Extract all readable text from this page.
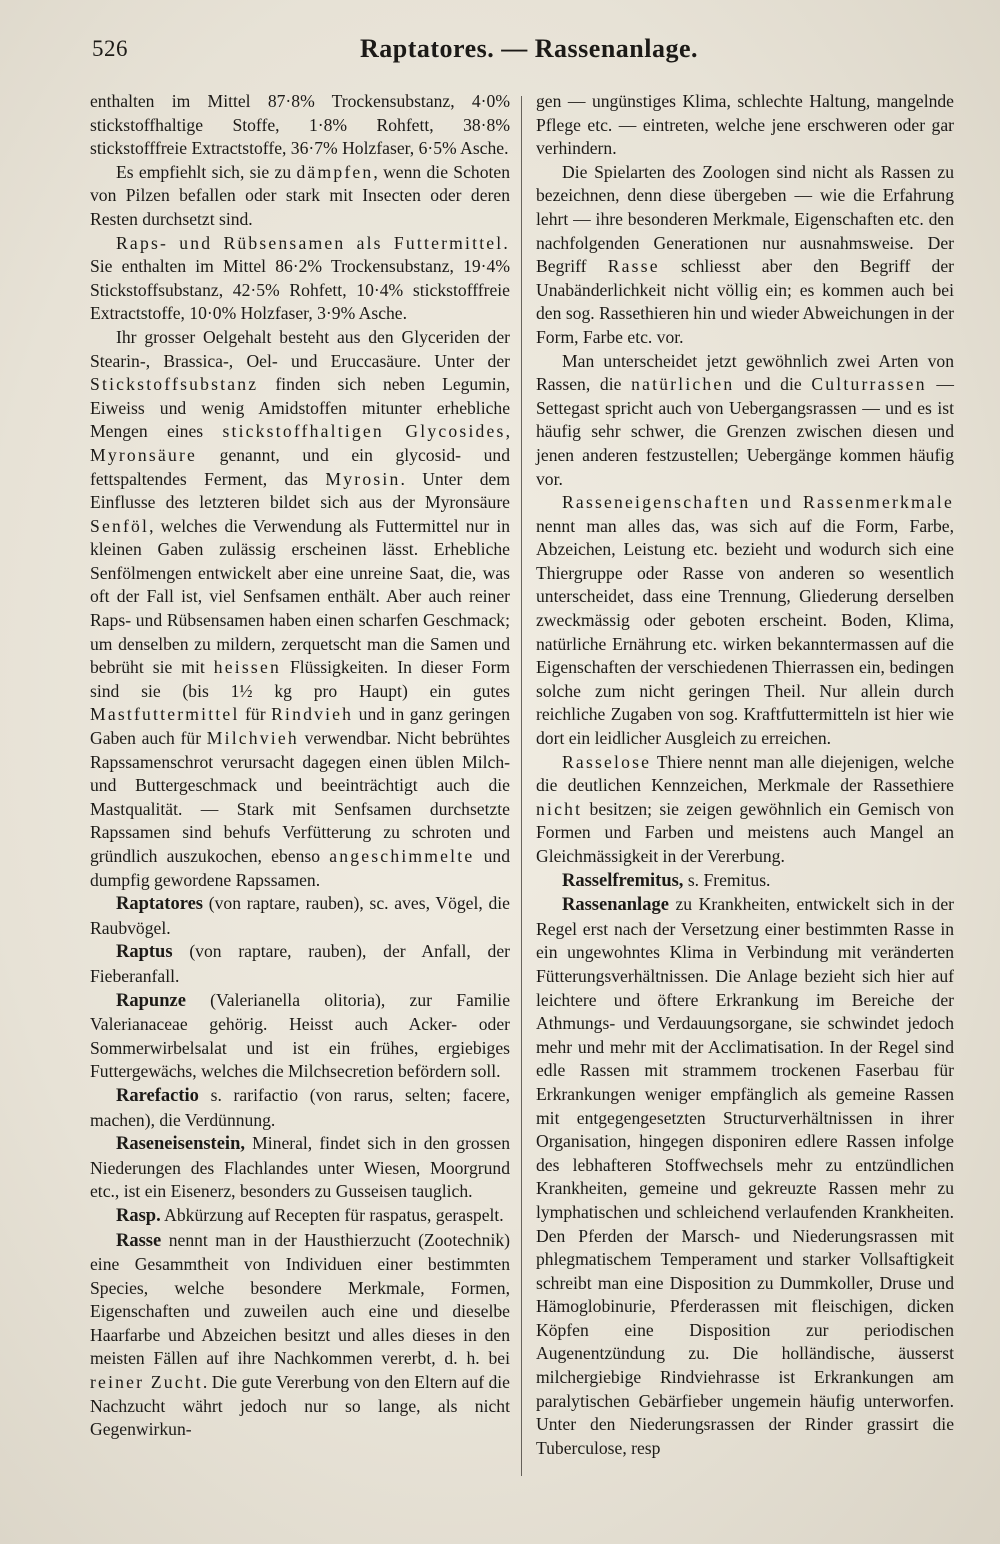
526	Raptatores. — Rassenanlage.

enthalten im Mittel 87·8% Trockensubstanz, 4·0% stickstoffhaltige Stoffe, 1·8% Rohfett, 38·8% stickstofffreie Extractstoffe, 36·7% Holzfaser, 6·5% Asche.

Es empfiehlt sich, sie zu dämpfen, wenn die Schoten von Pilzen befallen oder stark mit Insecten oder deren Resten durchsetzt sind.

Raps- und Rübsensamen als Futtermittel. Sie enthalten im Mittel 86·2% Trockensubstanz, 19·4% Stickstoffsubstanz, 42·5% Rohfett, 10·4% stickstofffreie Extractstoffe, 10·0% Holzfaser, 3·9% Asche.

Ihr grosser Oelgehalt besteht aus den Glyceriden der Stearin-, Brassica-, Oel- und Eruccasäure. Unter der Stickstoffsubstanz finden sich neben Legumin, Eiweiss und wenig Amidstoffen mitunter erhebliche Mengen eines stickstoffhaltigen Glycosides, Myronsäure genannt, und ein glycosid- und fettspaltendes Ferment, das Myrosin. Unter dem Einflusse des letzteren bildet sich aus der Myronsäure Senföl, welches die Verwendung als Futtermittel nur in kleinen Gaben zulässig erscheinen lässt. Erhebliche Senfölmengen entwickelt aber eine unreine Saat, die, was oft der Fall ist, viel Senfsamen enthält. Aber auch reiner Raps- und Rübsensamen haben einen scharfen Geschmack; um denselben zu mildern, zerquetscht man die Samen und bebrüht sie mit heissen Flüssigkeiten. In dieser Form sind sie (bis 1½ kg pro Haupt) ein gutes Mastfuttermittel für Rindvieh und in ganz geringen Gaben auch für Milchvieh verwendbar. Nicht bebrühtes Rapssamenschrot verursacht dagegen einen üblen Milch- und Buttergeschmack und beeinträchtigt auch die Mastqualität. — Stark mit Senfsamen durchsetzte Rapssamen sind behufs Verfütterung zu schroten und gründlich auszukochen, ebenso angeschimmelte und dumpfig gewordene Rapssamen.

Raptatores (von raptare, rauben), sc. aves, Vögel, die Raubvögel.

Raptus (von raptare, rauben), der Anfall, der Fieberanfall.

Rapunze (Valerianella olitoria), zur Familie Valerianaceae gehörig. Heisst auch Acker- oder Sommerwirbelsalat und ist ein frühes, ergiebiges Futtergewächs, welches die Milchsecretion befördern soll.

Rarefactio s. rarifactio (von rarus, selten; facere, machen), die Verdünnung.

Raseneisenstein, Mineral, findet sich in den grossen Niederungen des Flachlandes unter Wiesen, Moorgrund etc., ist ein Eisenerz, besonders zu Gusseisen tauglich.

Rasp. Abkürzung auf Recepten für raspatus, geraspelt.

Rasse nennt man in der Hausthierzucht (Zootechnik) eine Gesammtheit von Individuen einer bestimmten Species, welche besondere Merkmale, Formen, Eigenschaften und zuweilen auch eine und dieselbe Haarfarbe und Abzeichen besitzt und alles dieses in den meisten Fällen auf ihre Nachkommen vererbt, d. h. bei reiner Zucht. Die gute Vererbung von den Eltern auf die Nachzucht währt jedoch nur so lange, als nicht Gegenwirkun-

gen — ungünstiges Klima, schlechte Haltung, mangelnde Pflege etc. — eintreten, welche jene erschweren oder gar verhindern.

Die Spielarten des Zoologen sind nicht als Rassen zu bezeichnen, denn diese übergeben — wie die Erfahrung lehrt — ihre besonderen Merkmale, Eigenschaften etc. den nachfolgenden Generationen nur ausnahmsweise. Der Begriff Rasse schliesst aber den Begriff der Unabänderlichkeit nicht völlig ein; es kommen auch bei den sog. Rassethieren hin und wieder Abweichungen in der Form, Farbe etc. vor.

Man unterscheidet jetzt gewöhnlich zwei Arten von Rassen, die natürlichen und die Culturrassen — Settegast spricht auch von Uebergangsrassen — und es ist häufig sehr schwer, die Grenzen zwischen diesen und jenen anderen festzustellen; Uebergänge kommen häufig vor.

Rasseneigenschaften und Rassenmerkmale nennt man alles das, was sich auf die Form, Farbe, Abzeichen, Leistung etc. bezieht und wodurch sich eine Thiergruppe oder Rasse von anderen so wesentlich unterscheidet, dass eine Trennung, Gliederung derselben zweckmässig oder geboten erscheint. Boden, Klima, natürliche Ernährung etc. wirken bekanntermassen auf die Eigenschaften der verschiedenen Thierrassen ein, bedingen solche zum nicht geringen Theil. Nur allein durch reichliche Zugaben von sog. Kraftfuttermitteln ist hier wie dort ein leidlicher Ausgleich zu erreichen.

Rasselose Thiere nennt man alle diejenigen, welche die deutlichen Kennzeichen, Merkmale der Rassethiere nicht besitzen; sie zeigen gewöhnlich ein Gemisch von Formen und Farben und meistens auch Mangel an Gleichmässigkeit in der Vererbung.

Rasselfremitus, s. Fremitus.

Rassenanlage zu Krankheiten, entwickelt sich in der Regel erst nach der Versetzung einer bestimmten Rasse in ein ungewohntes Klima in Verbindung mit veränderten Fütterungsverhältnissen. Die Anlage bezieht sich hier auf leichtere und öftere Erkrankung im Bereiche der Athmungs- und Verdauungsorgane, sie schwindet jedoch mehr und mehr mit der Acclimatisation. In der Regel sind edle Rassen mit strammem trockenen Faserbau für Erkrankungen weniger empfänglich als gemeine Rassen mit entgegengesetzten Structurverhältnissen in ihrer Organisation, hingegen disponiren edlere Rassen infolge des lebhafteren Stoffwechsels mehr zu entzündlichen Krankheiten, gemeine und gekreuzte Rassen mehr zu lymphatischen und schleichend verlaufenden Krankheiten. Den Pferden der Marsch- und Niederungsrassen mit phlegmatischem Temperament und starker Vollsaftigkeit schreibt man eine Disposition zu Dummkoller, Druse und Hämoglobinurie, Pferderassen mit fleischigen, dicken Köpfen eine Disposition zur periodischen Augenentzündung zu. Die holländische, äusserst milchergiebige Rindviehrasse ist Erkrankungen am paralytischen Gebärfieber ungemein häufig unterworfen. Unter den Niederungsrassen der Rinder grassirt die Tuberculose, resp
